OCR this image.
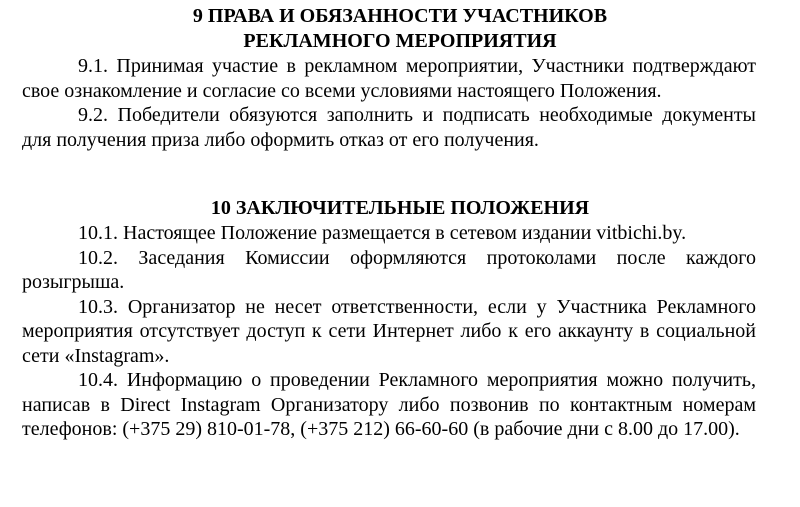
9 ПРАВА И ОБЯЗАННОСТИ УЧАСТНИКОВ
РЕКЛАМНОГО МЕРОПРИЯТИЯ

9.1. Принимая участие в рекламном мероприятии, Участники подтверждают свое ознакомление и согласие со всеми условиями настоящего Положения.

9.2. Победители обязуются заполнить и подписать необходимые документы для получения приза либо оформить отказ от его получения.

10 ЗАКЛЮЧИТЕЛЬНЫЕ ПОЛОЖЕНИЯ

10.1. Настоящее Положение размещается в сетевом издании vitbichi.by.

10.2. Заседания Комиссии оформляются протоколами после каждого розыгрыша.

10.3. Организатор не несет ответственности, если у Участника Рекламного мероприятия отсутствует доступ к сети Интернет либо к его аккаунту в социальной сети «Instagram».

10.4. Информацию о проведении Рекламного мероприятия можно получить, написав в Direct Instagram Организатору либо позвонив по контактным номерам телефонов: (+375 29) 810-01-78, (+375 212) 66-60-60 (в рабочие дни с 8.00 до 17.00).
